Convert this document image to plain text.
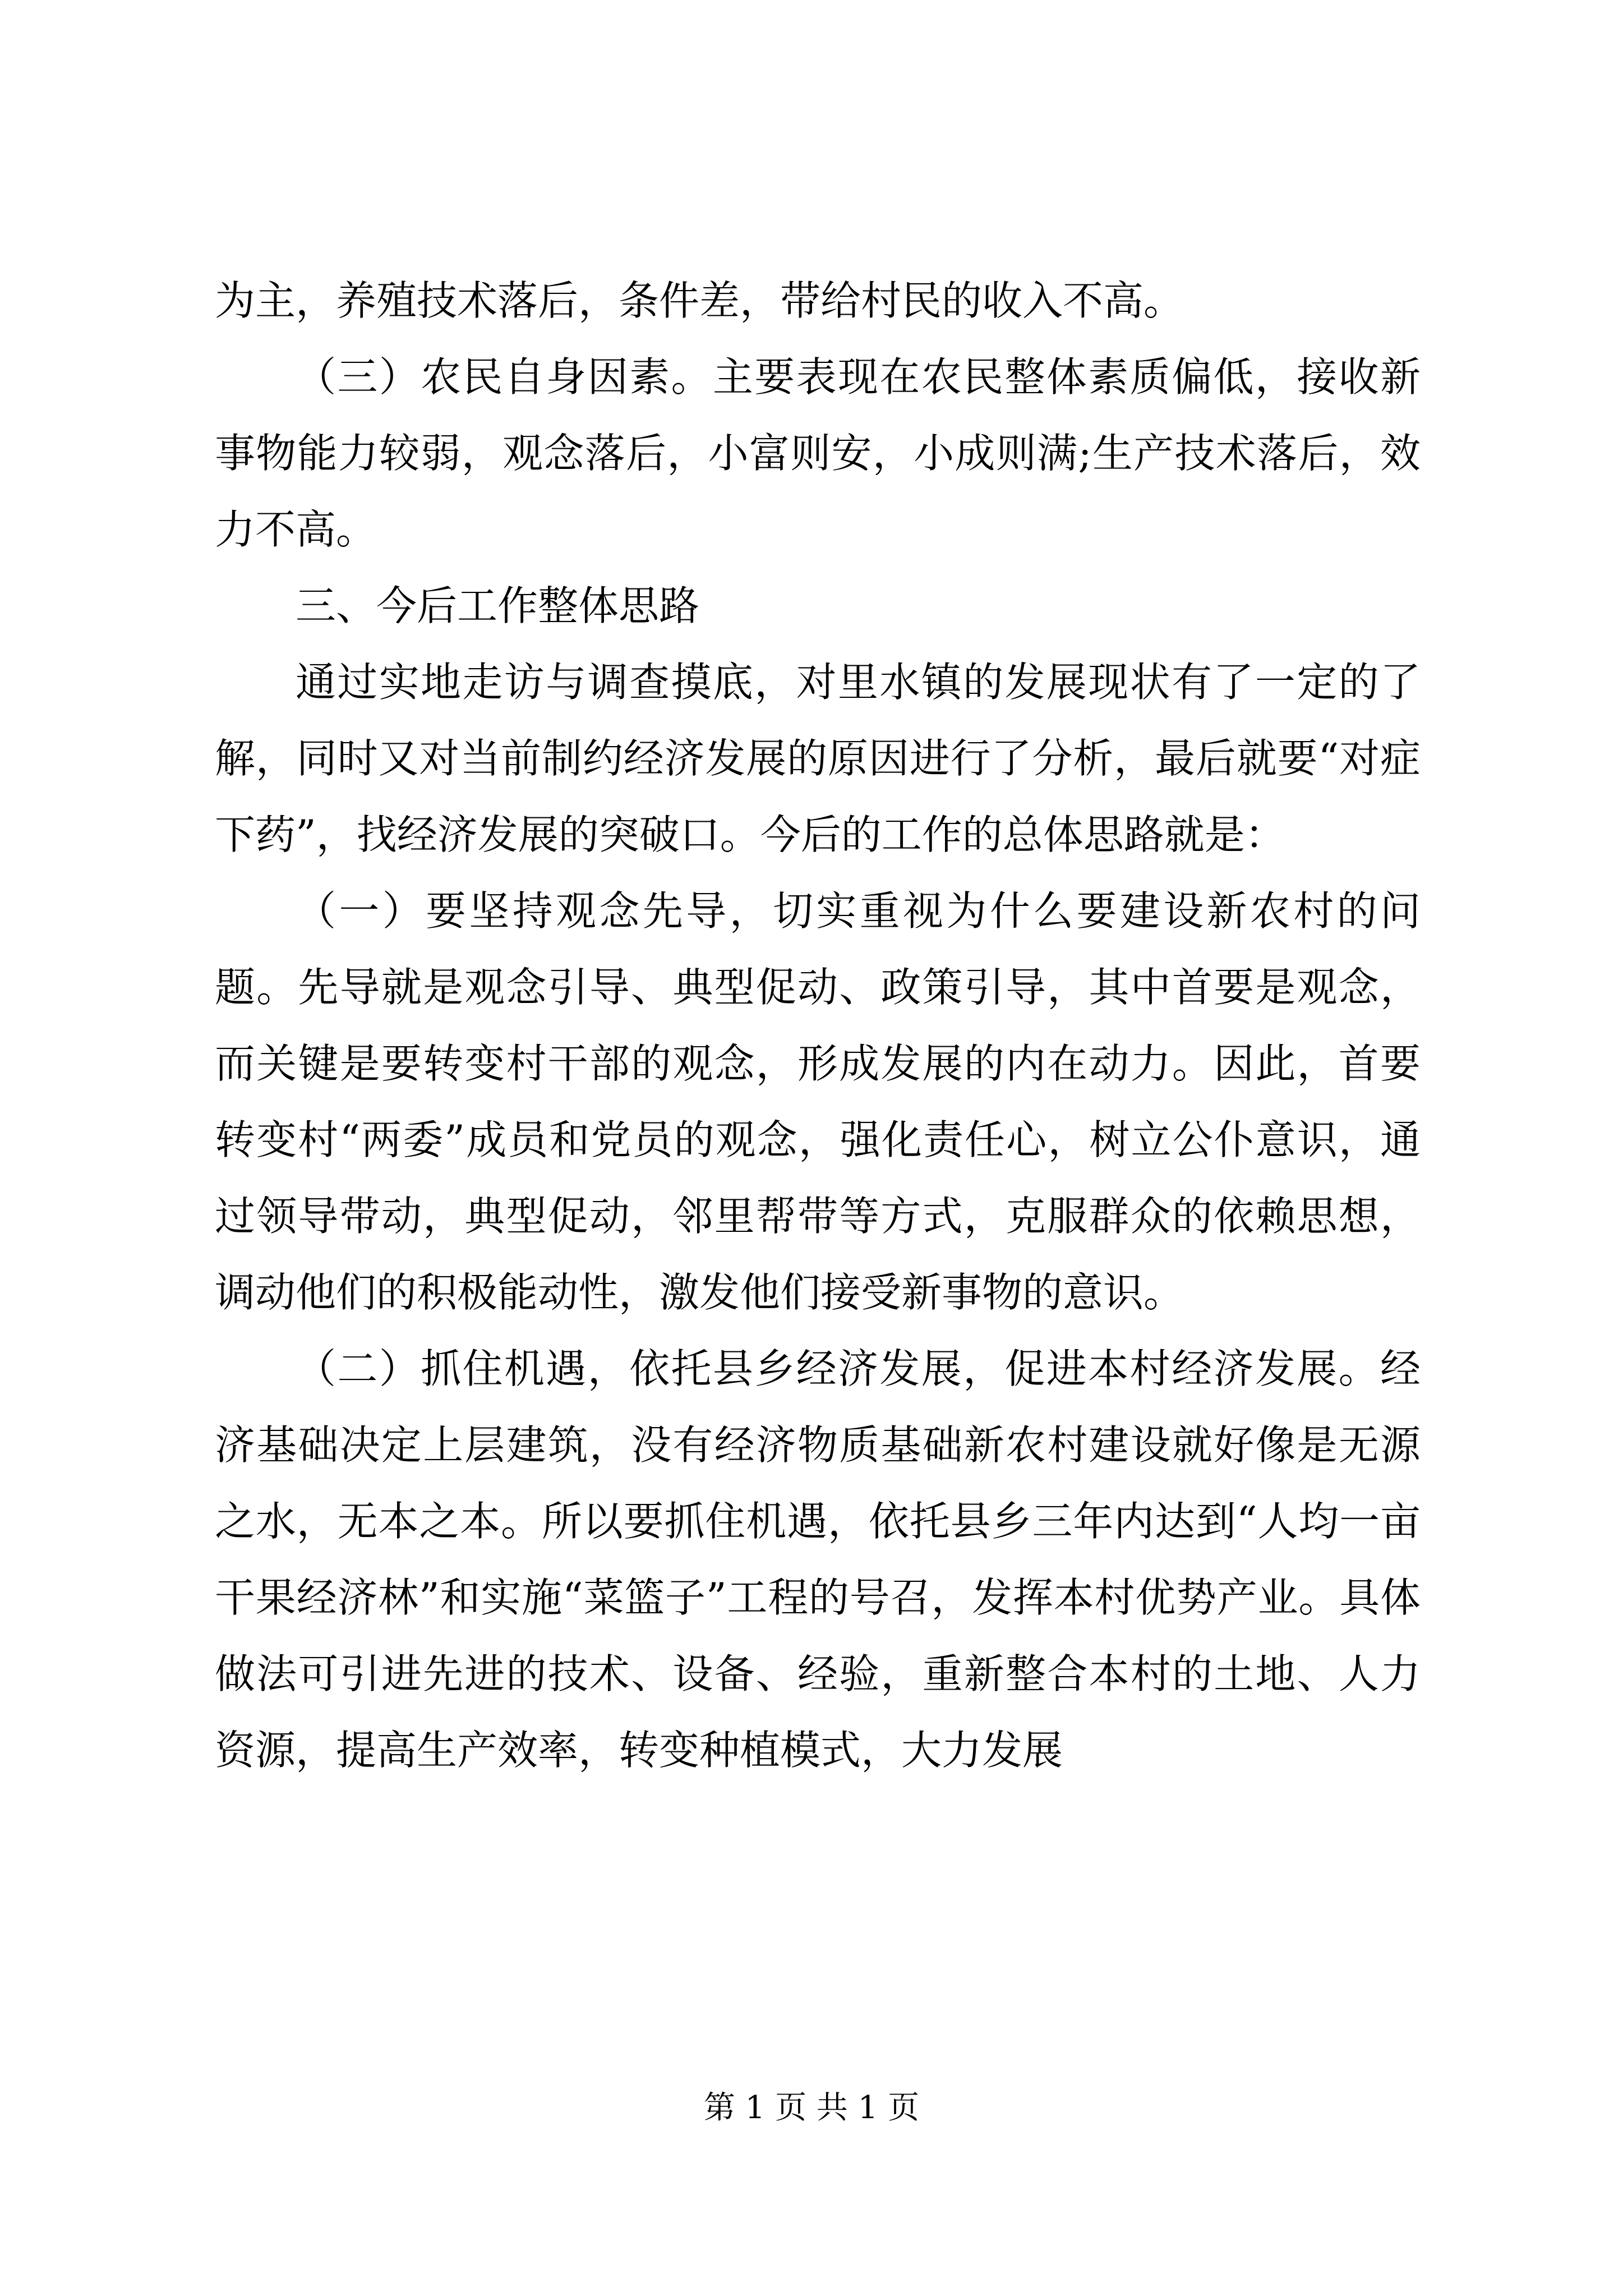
为主，养殖技术落后，条件差，带给村民的收入不高。

（三）农民自身因素。主要表现在农民整体素质偏低，接收新事物能力较弱，观念落后，小富则安，小成则满;生产技术落后，效力不高。

三、今后工作整体思路

通过实地走访与调查摸底，对里水镇的发展现状有了一定的了解，同时又对当前制约经济发展的原因进行了分析，最后就要“对症下药”，找经济发展的突破口。今后的工作的总体思路就是：

（一）要坚持观念先导，切实重视为什么要建设新农村的问题。先导就是观念引导、典型促动、政策引导，其中首要是观念，而关键是要转变村干部的观念，形成发展的内在动力。因此，首要转变村“两委”成员和党员的观念，强化责任心，树立公仆意识，通过领导带动，典型促动，邻里帮带等方式，克服群众的依赖思想，调动他们的积极能动性，激发他们接受新事物的意识。

（二）抓住机遇，依托县乡经济发展，促进本村经济发展。经济基础决定上层建筑，没有经济物质基础新农村建设就好像是无源之水，无本之本。所以要抓住机遇，依托县乡三年内达到“人均一亩干果经济林”和实施“菜篮子”工程的号召，发挥本村优势产业。具体做法可引进先进的技术、设备、经验，重新整合本村的土地、人力资源，提高生产效率，转变种植模式，大力发展

第 1 页 共 1 页
